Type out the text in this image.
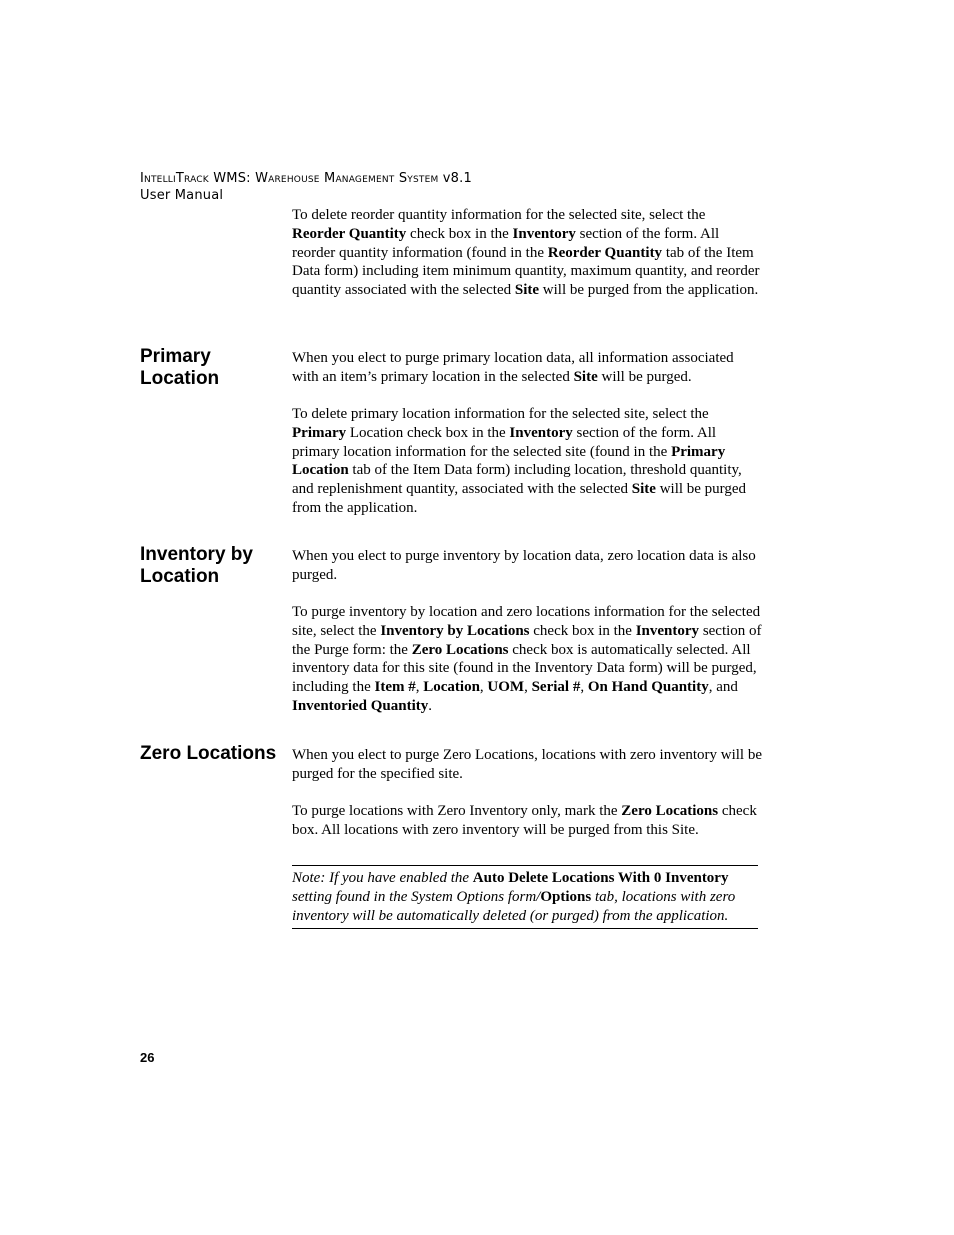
IntelliTrack WMS: Warehouse Management System v8.1
User Manual

To delete reorder quantity information for the selected site, select the Reorder Quantity check box in the Inventory section of the form. All reorder quantity information (found in the Reorder Quantity tab of the Item Data form) including item minimum quantity, maximum quantity, and reorder quantity associated with the selected Site will be purged from the application.

Primary Location

When you elect to purge primary location data, all information associated with an item’s primary location in the selected Site will be purged.

To delete primary location information for the selected site, select the Primary Location check box in the Inventory section of the form. All primary location information for the selected site (found in the Primary Location tab of the Item Data form) including location, threshold quantity, and replenishment quantity, associated with the selected Site will be purged from the application.

Inventory by Location

When you elect to purge inventory by location data, zero location data is also purged.

To purge inventory by location and zero locations information for the selected site, select the Inventory by Locations check box in the Inventory section of the Purge form: the Zero Locations check box is automatically selected. All inventory data for this site (found in the Inventory Data form) will be purged, including the Item #, Location, UOM, Serial #, On Hand Quantity, and Inventoried Quantity.

Zero Locations	When you elect to purge Zero Locations, locations with zero inventory will be purged for the specified site.

To purge locations with Zero Inventory only, mark the Zero Locations check box. All locations with zero inventory will be purged from this Site.

Note: If you have enabled the Auto Delete Locations With 0 Inventory setting found in the System Options form/Options tab, locations with zero inventory will be automatically deleted (or purged) from the application.
26
